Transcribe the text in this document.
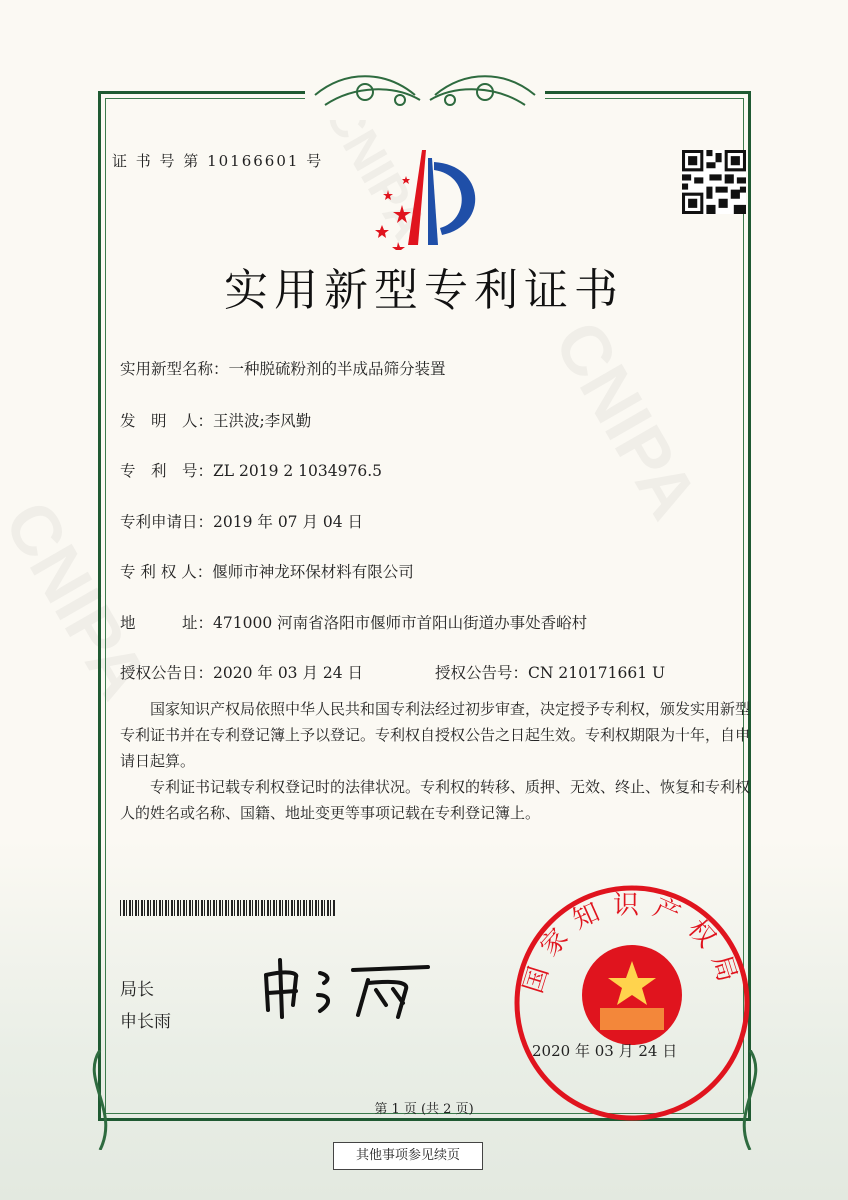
证 书 号 第 10166601 号
实用新型专利证书
实用新型名称：一种脱硫粉剂的半成品筛分装置
发　明　人：王洪波;李风勤
专　利　号：ZL 2019 2 1034976.5
专利申请日：2019 年 07 月 04 日
专 利 权 人：偃师市神龙环保材料有限公司
地　　　址：471000 河南省洛阳市偃师市首阳山街道办事处香峪村
授权公告日：2020 年 03 月 24 日	授权公告号：CN 210171661 U
国家知识产权局依照中华人民共和国专利法经过初步审查，决定授予专利权，颁发实用新型专利证书并在专利登记簿上予以登记。专利权自授权公告之日起生效。专利权期限为十年，自申请日起算。
专利证书记载专利权登记时的法律状况。专利权的转移、质押、无效、终止、恢复和专利权人的姓名或名称、国籍、地址变更等事项记载在专利登记簿上。
局长
申长雨
国家知识产权局
2020 年 03 月 24 日
第 1 页 (共 2 页)
其他事项参见续页
